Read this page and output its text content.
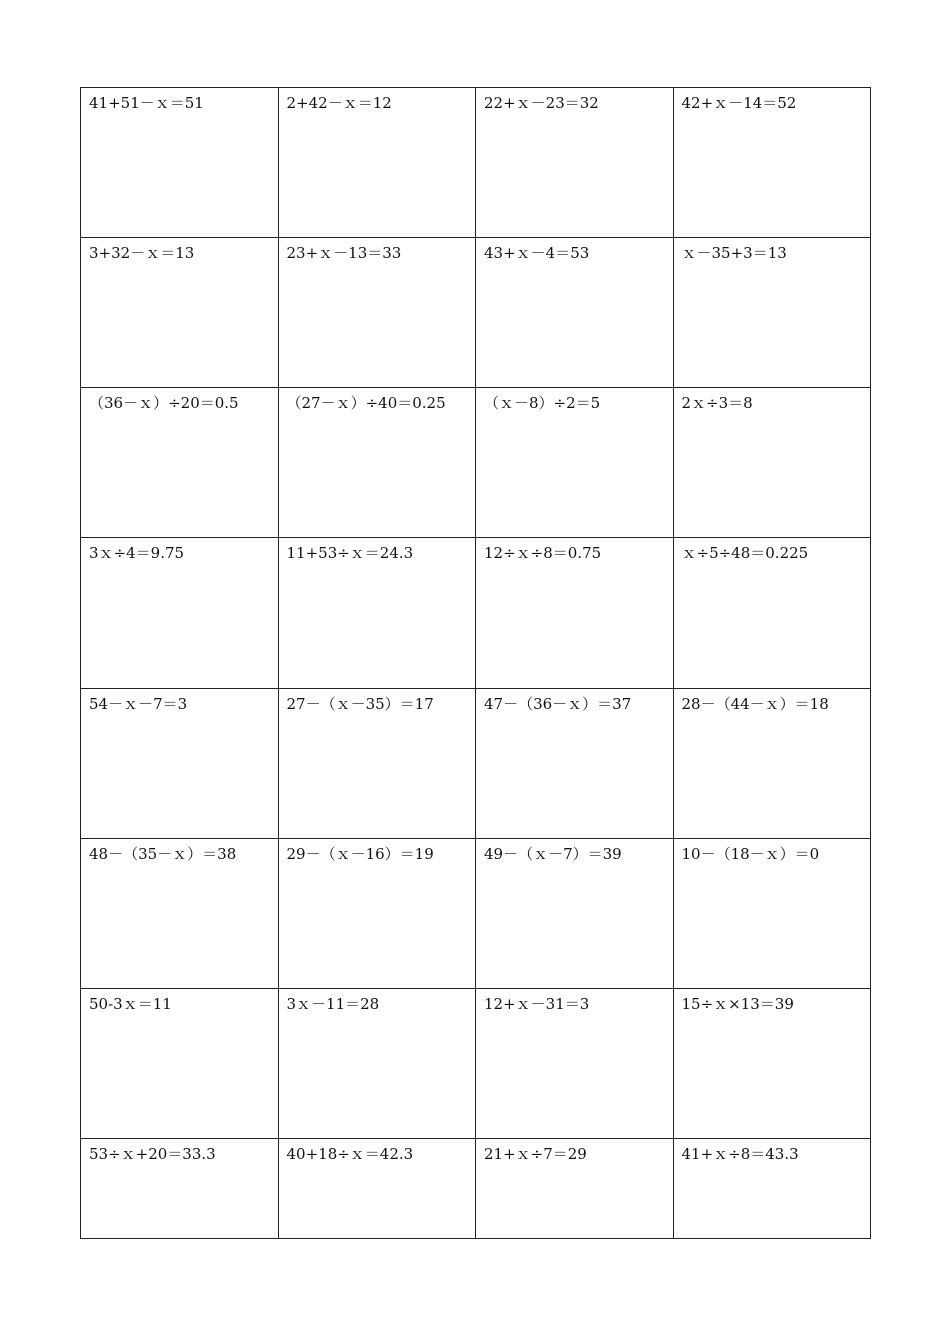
41+51－ｘ＝51	2+42－ｘ＝12	22+ｘ－23＝32	42+ｘ－14＝52
3+32－ｘ＝13	23+ｘ－13＝33	43+ｘ－4＝53	ｘ－35+3＝13
（36－ｘ）÷20＝0.5	（27－ｘ）÷40＝0.25	（ｘ－8）÷2＝5	2ｘ÷3＝8
3ｘ÷4＝9.75	11+53÷ｘ＝24.3	12÷ｘ÷8＝0.75	ｘ÷5÷48＝0.225
54－ｘ－7＝3	27－（ｘ－35）＝17	47－（36－ｘ）＝37	28－（44－ｘ）＝18
48－（35－ｘ）＝38	29－（ｘ－16）＝19	49－（ｘ－7）＝39	10－（18－ｘ）＝0
50-3ｘ＝11	3ｘ－11＝28	12+ｘ－31＝3	15÷ｘ×13＝39
53÷ｘ+20＝33.3	40+18÷ｘ＝42.3	21+ｘ÷7＝29	41+ｘ÷8＝43.3
